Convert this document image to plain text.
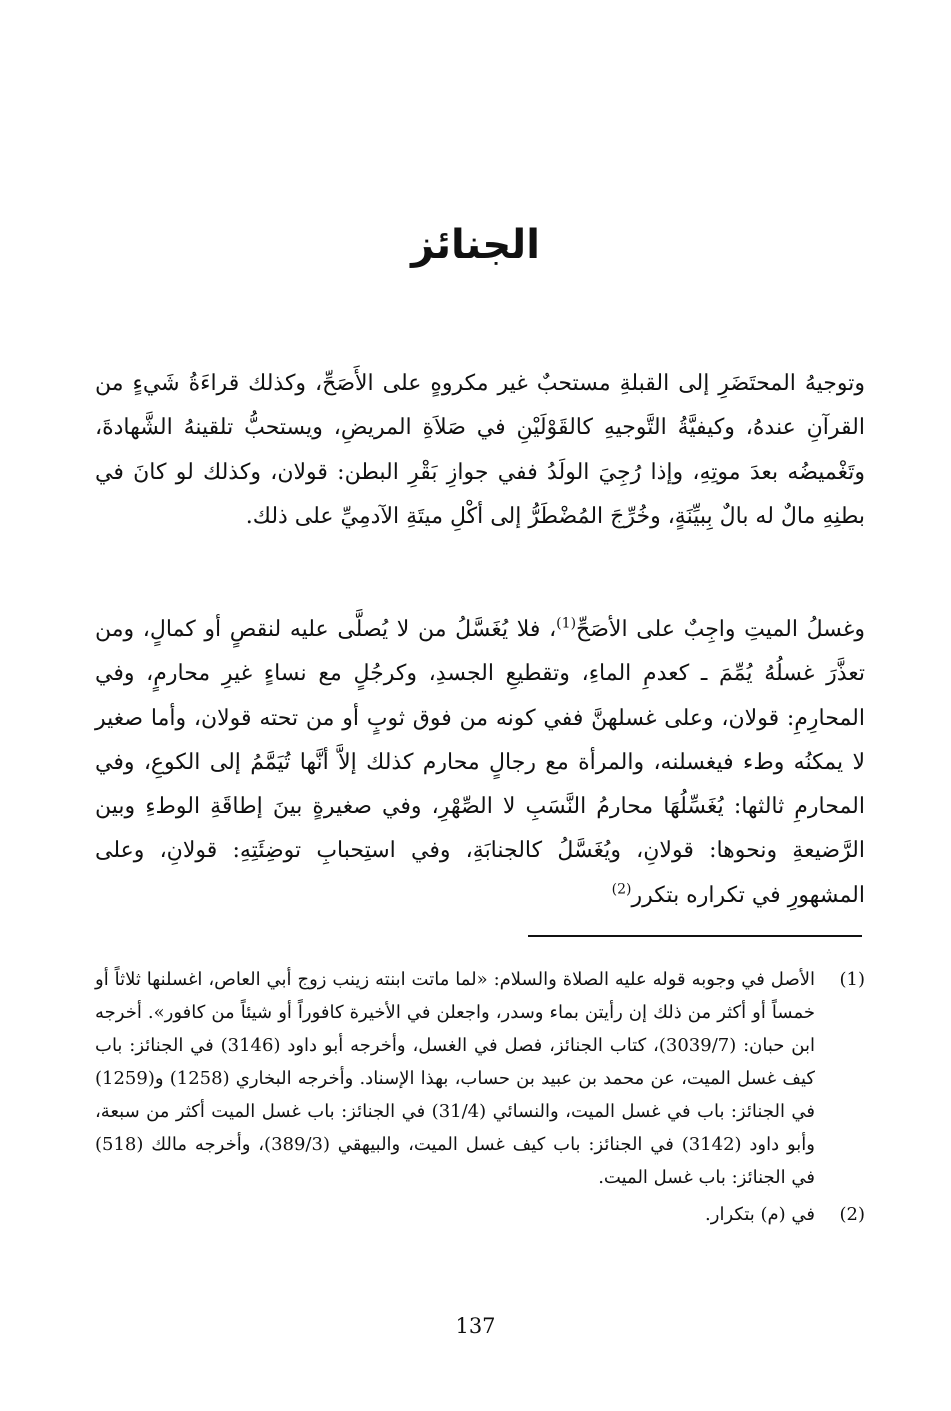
الجنائز

وتوجيهُ المحتَضَرِ إلى القبلةِ مستحبٌ غير مكروهٍ على الأَصَحِّ، وكذلك قراءَةُ شَيءٍ من القرآنِ عندهُ، وكيفيَّةُ التَّوجيهِ كالقَوْلَيْنِ في صَلاَةِ المريضِ، ويستحبُّ تلقينهُ الشَّهادةَ، وتَغْميضُه بعدَ موتِهِ، وإذا رُجِيَ الولَدُ ففي جوازِ بَقْرِ البطن: قولان، وكذلك لو كانَ في بطنِهِ مالٌ له بالٌ بِبيِّنَةٍ، وخُرِّجَ المُضْطَرُّ إلى أكْلِ ميتَةِ الآدمِيِّ على ذلك.

وغسلُ الميتِ واجِبٌ على الأصَحِّ$^{(1)}$، فلا يُغَسَّلُ من لا يُصلَّى عليه لنقصٍ أو كمالٍ، ومن تعذَّرَ غسلُهُ يُمِّمَ ـ كعدمِ الماءِ، وتقطيعِ الجسدِ، وكرجُلٍ مع نساءٍ غيرِ محارمٍ، وفي المحارِمِ: قولان، وعلى غسلهنَّ ففي كونه من فوق ثوبٍ أو من تحته قولان، وأما صغير لا يمكنُه وطء فيغسلنه، والمرأة مع رجالٍ محارم كذلك إلاَّ أنَّها تُيَمَّمُ إلى الكوعِ، وفي المحارمِ ثالثها: يُغَسِّلُهَا محارمُ النَّسَبِ لا الصِّهْرِ، وفي صغيرةٍ بينَ إطاقَةِ الوطءِ وبين الرَّضيعةِ ونحوها: قولانِ، ويُغَسَّلُ كالجنابَةِ، وفي استِحبابِ توضِئَتِهِ: قولانِ، وعلى المشهورِ في تكراره بتكرر$^{(2)}$

(1)

الأصل في وجوبه قوله عليه الصلاة والسلام: «لما ماتت ابنته زينب زوج أبي العاص، اغسلنها ثلاثاً أو خمساً أو أكثر من ذلك إن رأيتن بماء وسدر، واجعلن في الأخيرة كافوراً أو شيئاً من كافور». أخرجه ابن حبان: (3039/7)، كتاب الجنائز، فصل في الغسل، وأخرجه أبو داود (3146) في الجنائز: باب كيف غسل الميت، عن محمد بن عبيد بن حساب، بهذا الإسناد. وأخرجه البخاري (1258) و(1259) في الجنائز: باب في غسل الميت، والنسائي (31/4) في الجنائز: باب غسل الميت أكثر من سبعة، وأبو داود (3142) في الجنائز: باب كيف غسل الميت، والبيهقي (389/3)، وأخرجه مالك (518) في الجنائز: باب غسل الميت.

(2)

في (م) بتكرار.

137
